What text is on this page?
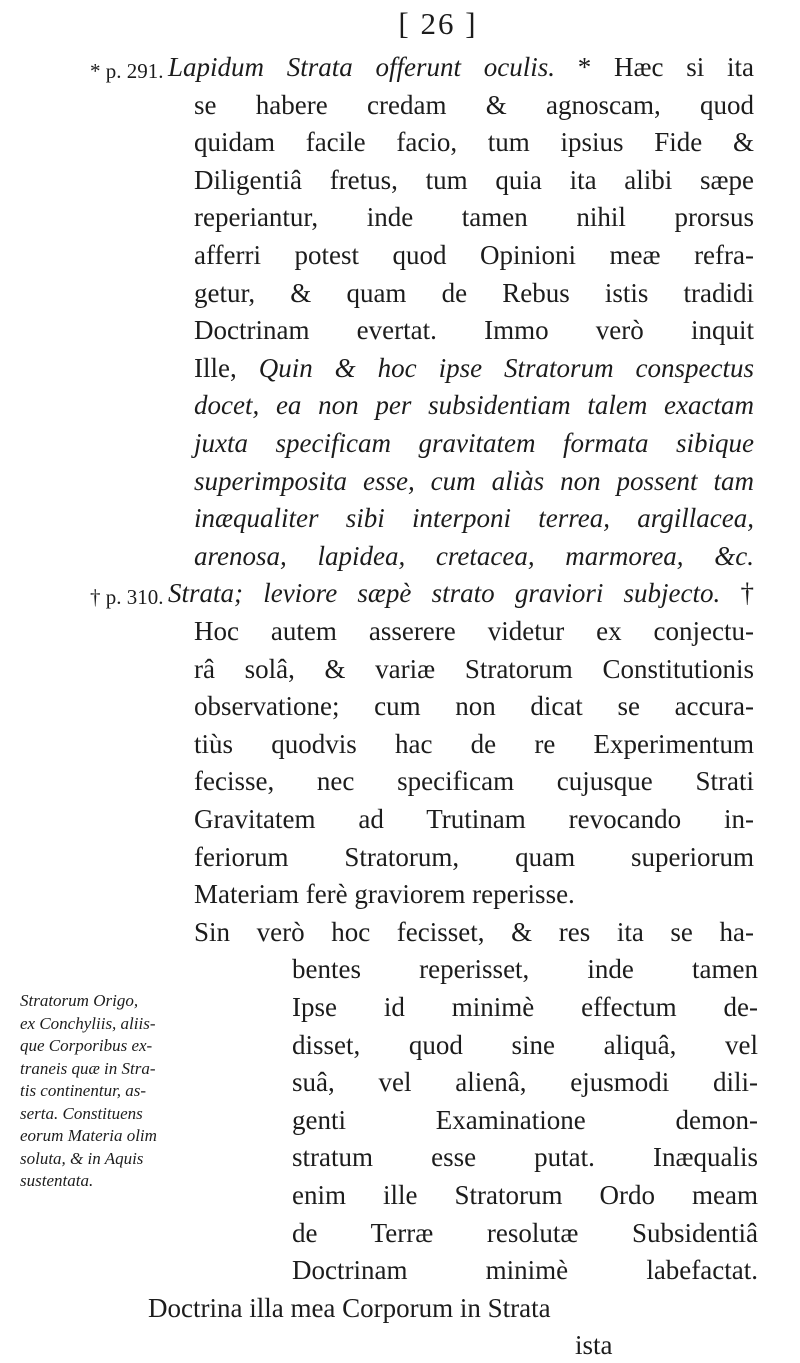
[ 26 ]
* p. 291. Lapidum Strata offerunt oculis. * Hæc si ita
se habere credam & agnoscam, quod
quidam facile facio, tum ipsius Fide &
Diligentiâ fretus, tum quia ita alibi sæpe
reperiantur, inde tamen nihil prorsus
afferri potest quod Opinioni meæ refra-
getur, & quam de Rebus istis tradidi
Doctrinam evertat. Immo verò inquit
Ille, Quin & hoc ipse Stratorum conspectus
docet, ea non per subsidentiam talem exactam
juxta specificam gravitatem formata sibique
superimposita esse, cum aliàs non possent tam
inæqualiter sibi interponi terrea, argillacea,
arenosa, lapidea, cretacea, marmorea, &c.
† p. 310. Strata; leviore sæpè strato graviori subjecto. †
Hoc autem asserere videtur ex conjectu-
râ solâ, & variæ Stratorum Constitutionis
observatione; cum non dicat se accura-
tiùs quodvis hac de re Experimentum
fecisse, nec specificam cujusque Strati
Gravitatem ad Trutinam revocando in-
feriorum Stratorum, quam superiorum
Materiam ferè graviorem reperisse.
Sin verò hoc fecisset, & res ita se ha-
bentes reperisset, inde tamen
Ipse id minimè effectum de-
disset, quod sine aliquâ, vel
suâ, vel alienâ, ejusmodi dili-
genti Examinatione demon-
stratum esse putat. Inæqualis
enim ille Stratorum Ordo meam
de Terræ resolutæ Subsidentiâ
Doctrinam minimè labefactat.
Doctrina illa mea Corporum in Strata
ista
Stratorum Origo,
ex Conchyliis, aliis-
que Corporibus ex-
traneis quæ in Stra-
tis continentur, as-
serta. Constituens
eorum Materia olim
soluta, & in Aquis
sustentata.
